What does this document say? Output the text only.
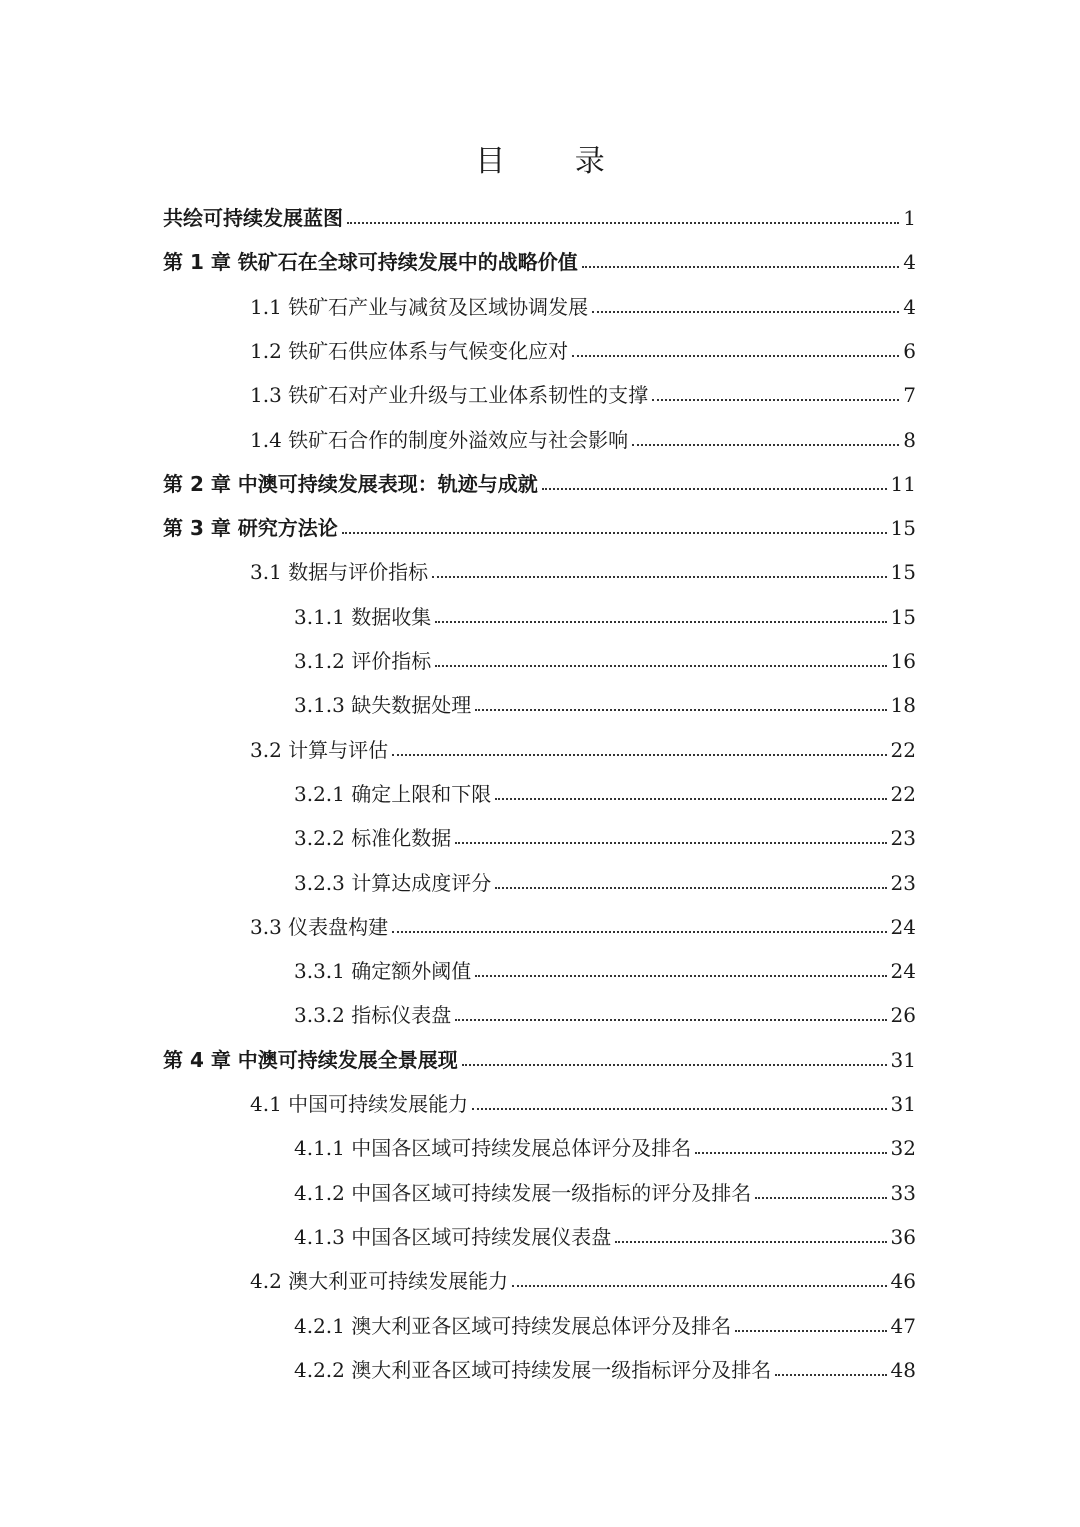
目 录
共绘可持续发展蓝图	1
第 1 章 铁矿石在全球可持续发展中的战略价值	4
1.1 铁矿石产业与减贫及区域协调发展	4
1.2 铁矿石供应体系与气候变化应对	6
1.3 铁矿石对产业升级与工业体系韧性的支撑	7
1.4 铁矿石合作的制度外溢效应与社会影响	8
第 2 章 中澳可持续发展表现：轨迹与成就	11
第 3 章 研究方法论	15
3.1 数据与评价指标	15
3.1.1 数据收集	15
3.1.2 评价指标	16
3.1.3 缺失数据处理	18
3.2 计算与评估	22
3.2.1 确定上限和下限	22
3.2.2 标准化数据	23
3.2.3 计算达成度评分	23
3.3 仪表盘构建	24
3.3.1 确定额外阈值	24
3.3.2 指标仪表盘	26
第 4 章 中澳可持续发展全景展现	31
4.1 中国可持续发展能力	31
4.1.1 中国各区域可持续发展总体评分及排名	32
4.1.2 中国各区域可持续发展一级指标的评分及排名	33
4.1.3 中国各区域可持续发展仪表盘	36
4.2 澳大利亚可持续发展能力	46
4.2.1 澳大利亚各区域可持续发展总体评分及排名	47
4.2.2 澳大利亚各区域可持续发展一级指标评分及排名	48
